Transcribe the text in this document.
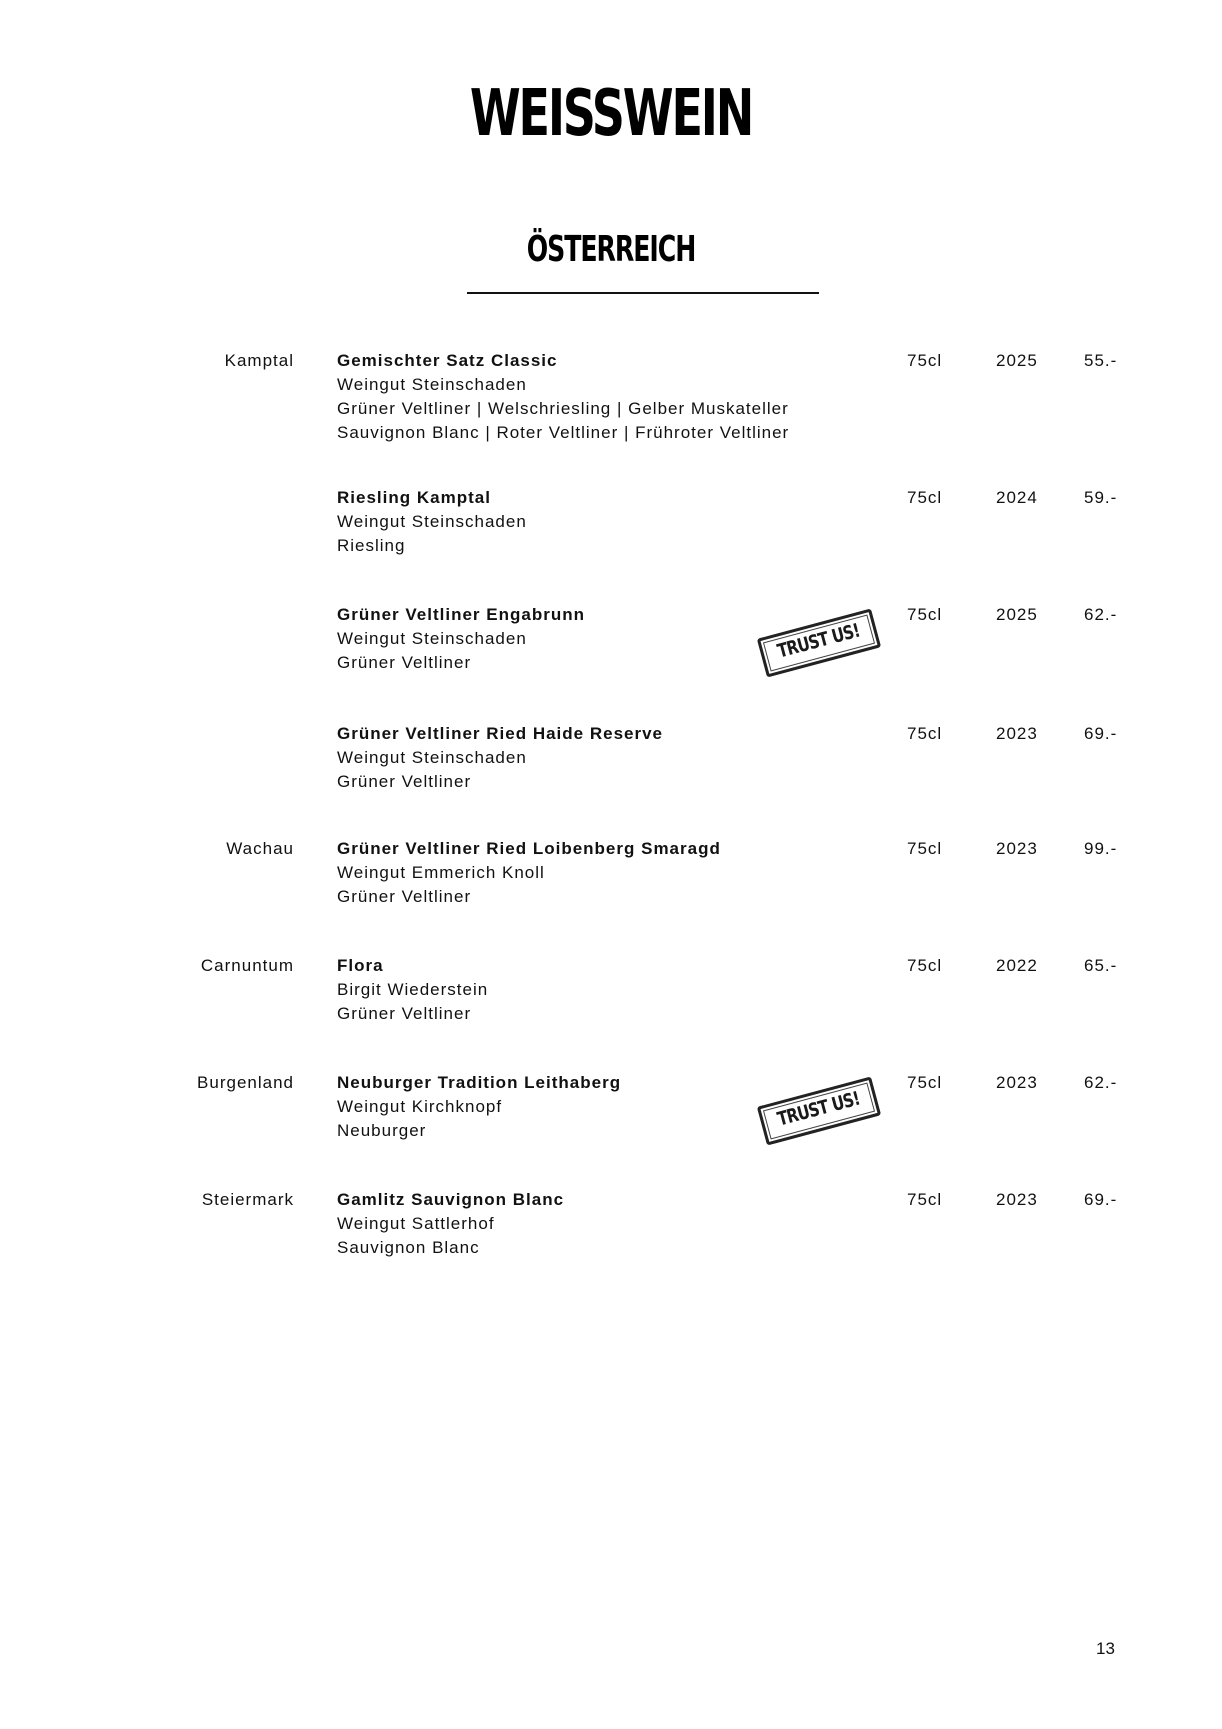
WEISSWEIN
ÖSTERREICH
Kamptal	Gemischter Satz Classic
Weingut Steinschaden
Grüner Veltliner | Welschriesling | Gelber Muskateller
Sauvignon Blanc | Roter Veltliner | Frühroter Veltliner
75cl	2025	55.-
Riesling Kamptal
Weingut Steinschaden
Riesling
75cl	2024	59.-
Grüner Veltliner Engabrunn
Weingut Steinschaden
Grüner Veltliner	TRUST US!
75cl	2025	62.-
Grüner Veltliner Ried Haide Reserve
Weingut Steinschaden
Grüner Veltliner
75cl	2023	69.-
Wachau	Grüner Veltliner Ried Loibenberg Smaragd
Weingut Emmerich Knoll
Grüner Veltliner
75cl	2023	99.-
Carnuntum	Flora
Birgit Wiederstein
Grüner Veltliner
75cl	2022	65.-
Burgenland	Neuburger Tradition Leithaberg
Weingut Kirchknopf
Neuburger	TRUST US!
75cl	2023	62.-
Steiermark	Gamlitz Sauvignon Blanc
Weingut Sattlerhof
Sauvignon Blanc
75cl	2023	69.-
13
